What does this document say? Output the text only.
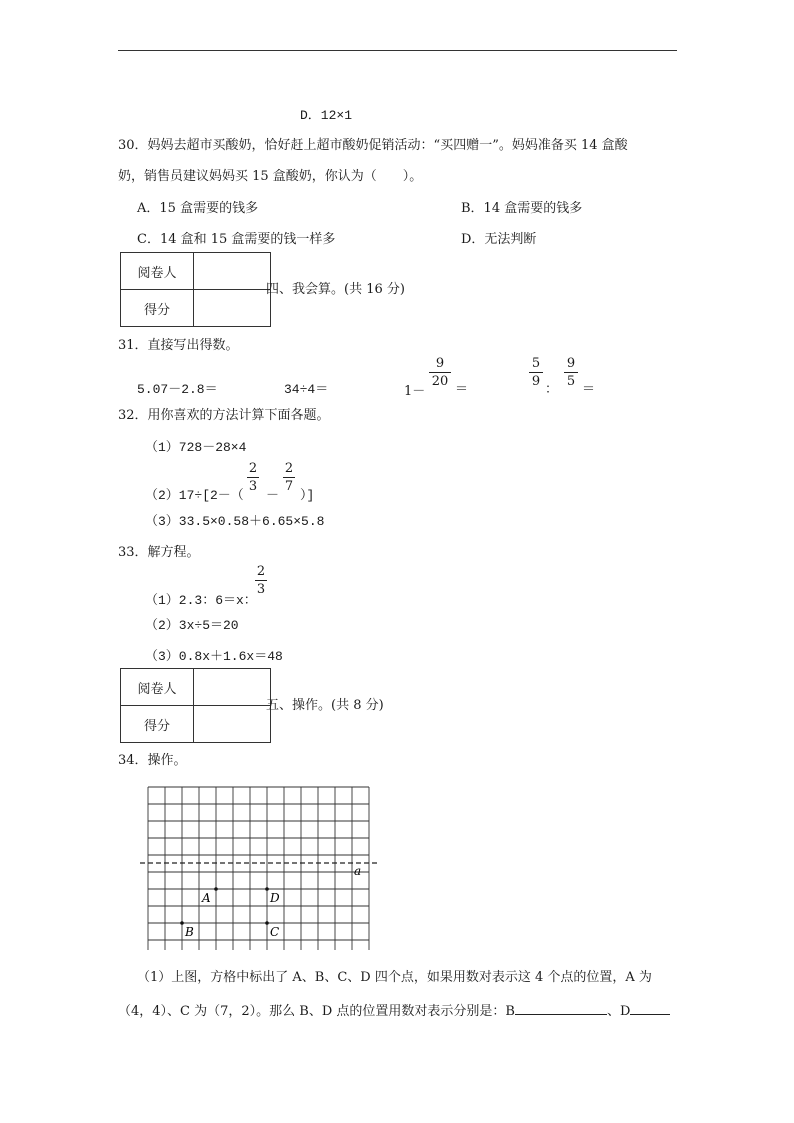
D．12×1
30．妈妈去超市买酸奶，恰好赶上超市酸奶促销活动：“买四赠一”。妈妈准备买 14 盒酸
奶，销售员建议妈妈买 15 盒酸奶，你认为（　　）。
A．15 盒需要的钱多	B．14 盒需要的钱多
C．14 盒和 15 盒需要的钱一样多	D．无法判断
阅卷人	
得分	
四、我会算。(共 16 分)
31．直接写出得数。
5.07－2.8＝	34÷4＝	1－
9
20
＝
5
9
：
9
5
＝
32．用你喜欢的方法计算下面各题。
（1）728－28×4
（2）17÷[2－（
2
3
－
2
7
）]
（3）33.5×0.58＋6.65×5.8
33．解方程。
（1）2.3：6＝x：
2
3
（2）3x÷5＝20
（3）0.8x＋1.6x＝48
阅卷人	
得分	
五、操作。(共 8 分)
34．操作。
a
A
B	C
D
（1）上图，方格中标出了 A、B、C、D 四个点，如果用数对表示这 4 个点的位置，A 为
（4，4）、C 为（7，2）。那么 B、D 点的位置用数对表示分别是：B	、D
